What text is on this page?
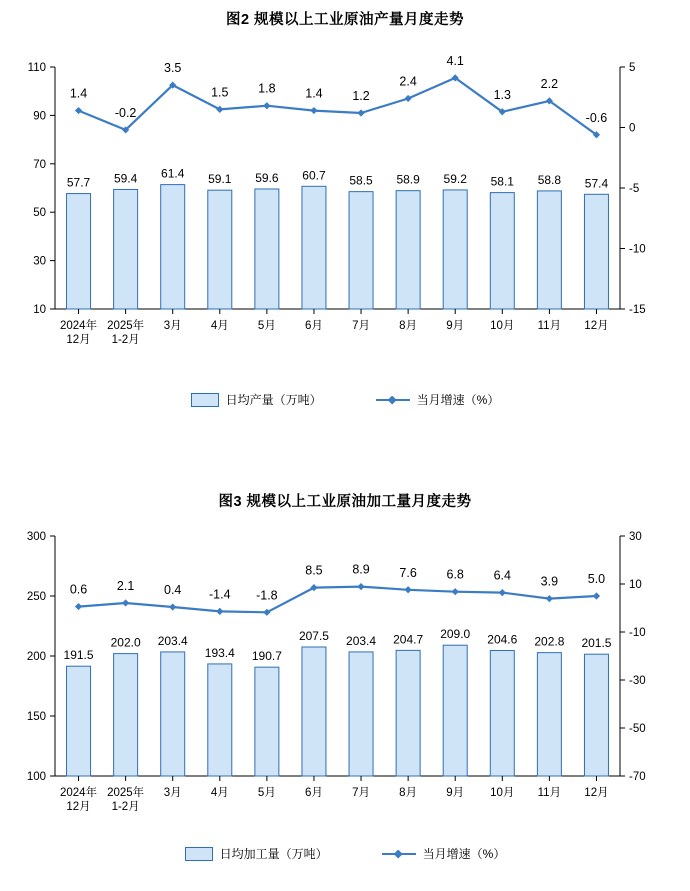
图2 规模以上工业原油产量月度走势
10
30
50
70
90
110
-15
-10
-5
0
5
57.7 59.4 61.4 59.1 59.6 60.7 58.5 58.9 59.2 58.1 58.8 57.4
2024年
12月
2025年
1-2月
3月	4月	5月	6月	7月	8月	9月 10月 11月 12月
1.4
-0.2
3.5
1.5 1.8 1.4 1.2
2.4
4.1
1.3
2.2
-0.6
日均产量（万吨）	当月增速（%）
图3 规模以上工业原油加工量月度走势
100
150
200
250
300
-70
-50
-30
-10
10
30
191.5
202.0 203.4
193.4 190.7
207.5 203.4 204.7 209.0 204.6 202.8 201.5
2024年
12月
2025年
1-2月
3月	4月	5月	6月	7月	8月	9月 10月 11月 12月
0.6 2.1 0.4 -1.4 -1.8
8.5 8.9 7.6 6.8 6.4 3.9 5.0
日均加工量（万吨）	当月增速（%）
